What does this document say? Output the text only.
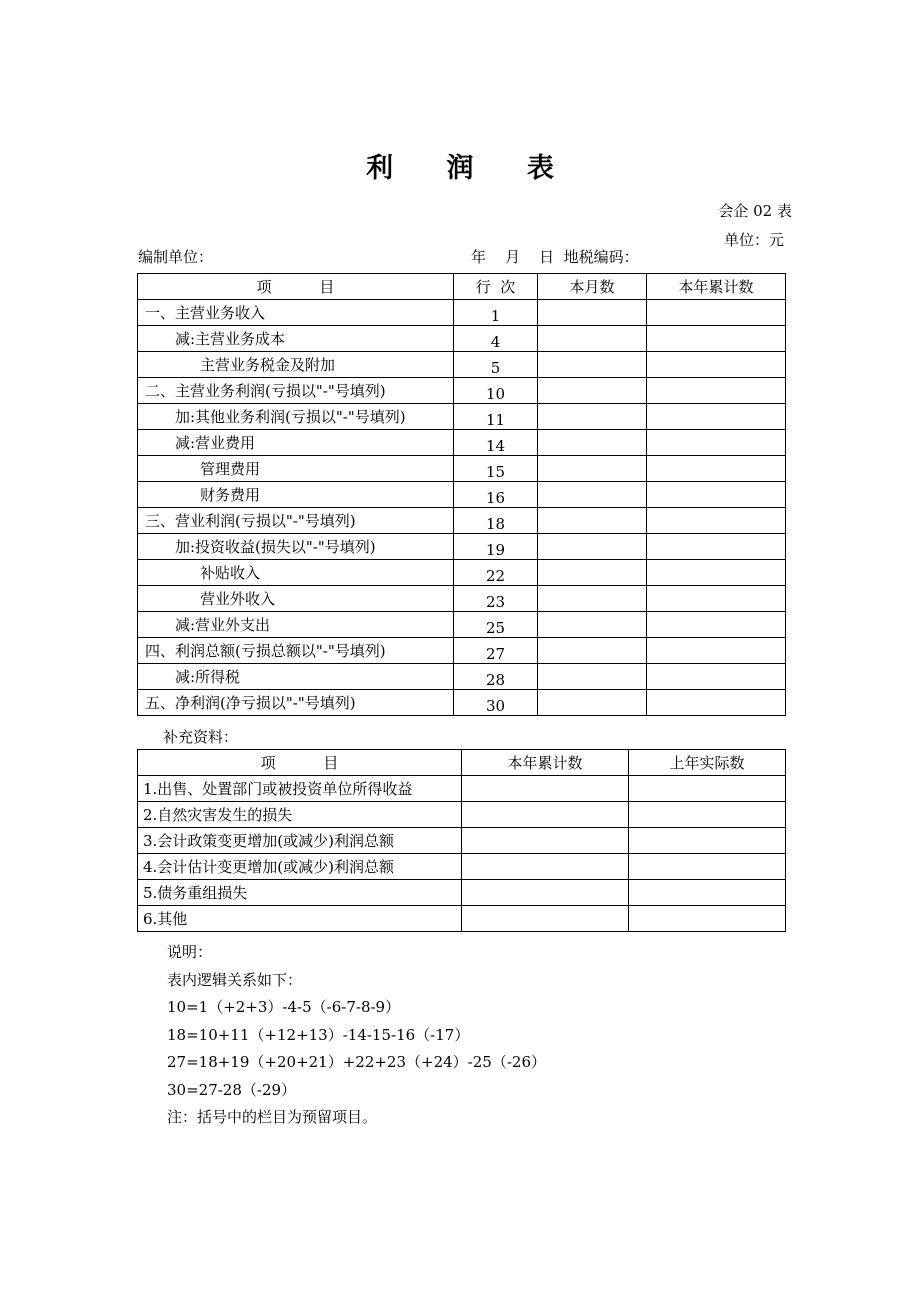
利 润 表
会企 02 表
单位：元
编制单位：	年    月    日  地税编码：
项          目	行  次	本月数	本年累计数
一、主营业务收入	1		
减:主营业务成本	4		
主营业务税金及附加	5		
二、主营业务利润(亏损以"-"号填列)	10		
加:其他业务利润(亏损以"-"号填列)	11		
减:营业费用	14		
管理费用	15		
财务费用	16		
三、营业利润(亏损以"-"号填列)	18		
加:投资收益(损失以"-"号填列)	19		
补贴收入	22		
营业外收入	23		
减:营业外支出	25		
四、利润总额(亏损总额以"-"号填列)	27		
减:所得税	28		
五、净利润(净亏损以"-"号填列)	30		
补充资料：
项          目	本年累计数	上年实际数
1.出售、处置部门或被投资单位所得收益		
2.自然灾害发生的损失		
3.会计政策变更增加(或减少)利润总额		
4.会计估计变更增加(或减少)利润总额		
5.债务重组损失		
6.其他		
说明：
表内逻辑关系如下：
10=1（+2+3）-4-5（-6-7-8-9）
18=10+11（+12+13）-14-15-16（-17）
27=18+19（+20+21）+22+23（+24）-25（-26）
30=27-28（-29）
注：括号中的栏目为预留项目。
